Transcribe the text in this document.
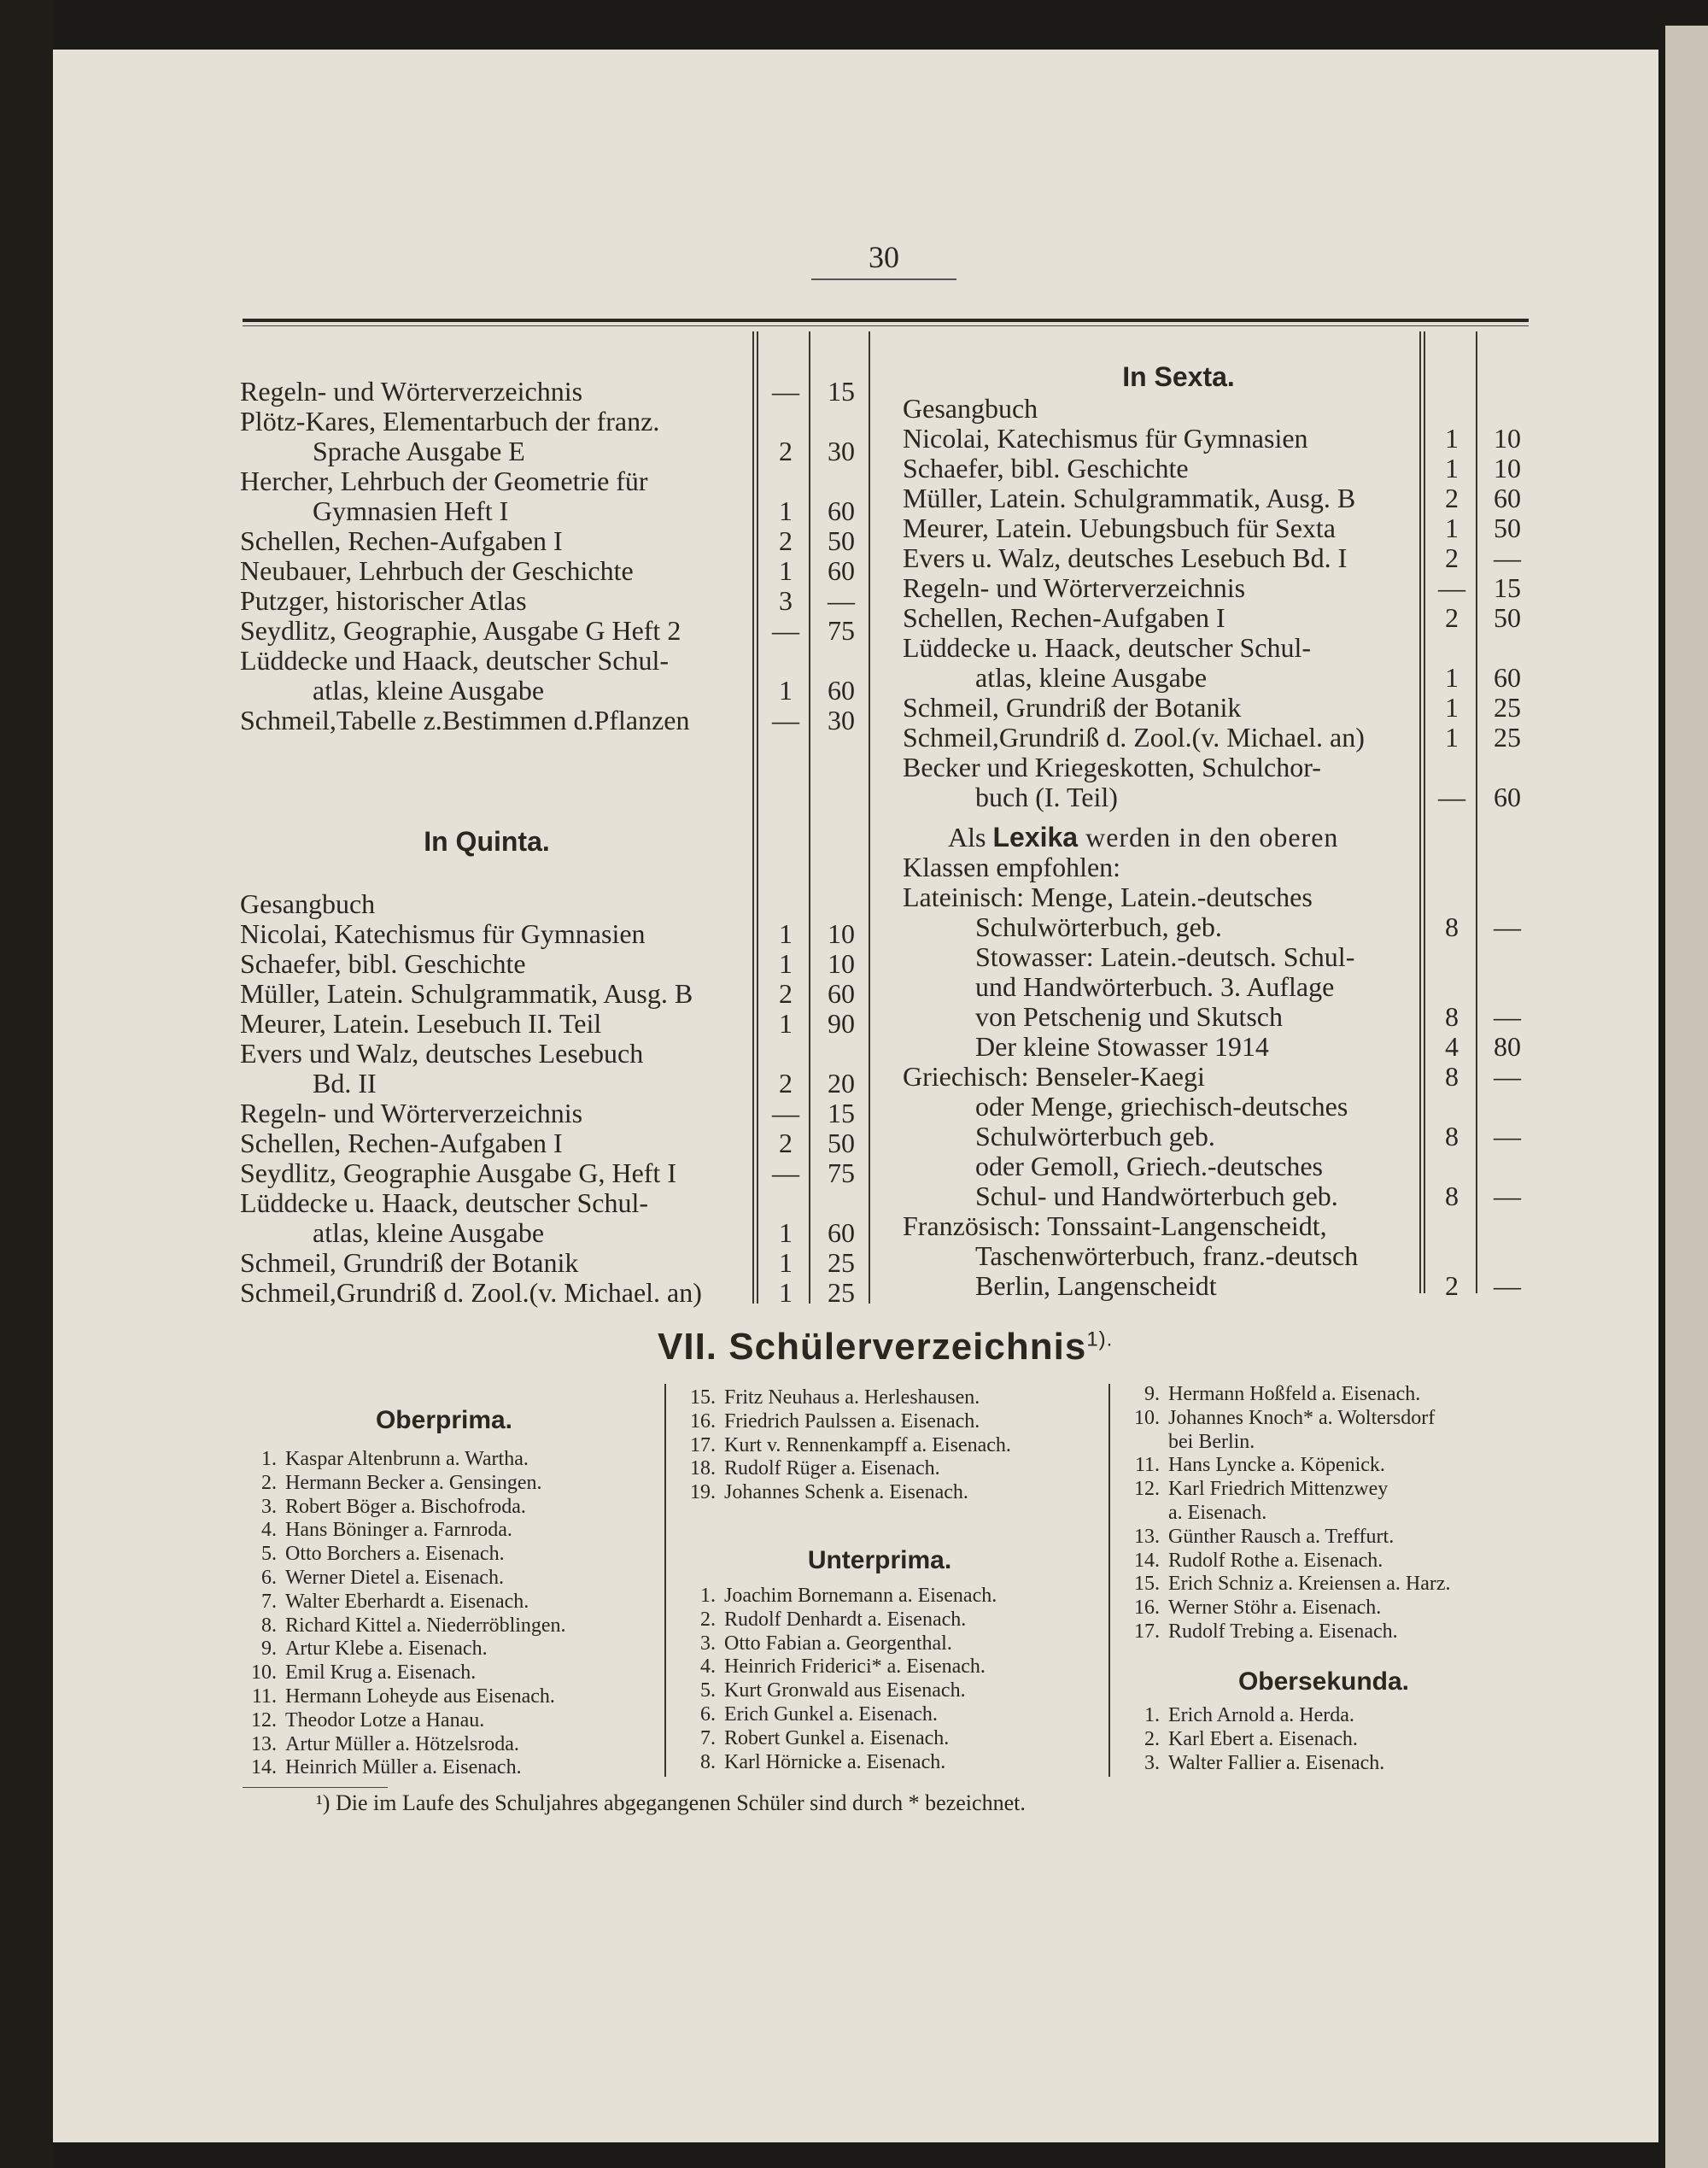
30
Regeln- und Wörterverzeichnis	—	15
Plötz-Kares, Elementarbuch der franz.
Sprache Ausgabe E	2	30
Hercher, Lehrbuch der Geometrie für
Gymnasien Heft I	1	60
Schellen, Rechen-Aufgaben I	2	50
Neubauer, Lehrbuch der Geschichte	1	60
Putzger, historischer Atlas	3	—
Seydlitz, Geographie, Ausgabe G Heft 2	—	75
Lüddecke und Haack, deutscher Schul-
atlas, kleine Ausgabe	1	60
Schmeil,Tabelle z.Bestimmen d.Pflanzen	—	30
Gesangbuch
Nicolai, Katechismus für Gymnasien	1	10
Schaefer, bibl. Geschichte	1	10
Müller, Latein. Schulgrammatik, Ausg. B	2	60
Meurer, Latein. Lesebuch II. Teil	1	90
Evers und Walz, deutsches Lesebuch
Bd. II	2	20
Regeln- und Wörterverzeichnis	—	15
Schellen, Rechen-Aufgaben I	2	50
Seydlitz, Geographie Ausgabe G, Heft I	—	75
Lüddecke u. Haack, deutscher Schul-
atlas, kleine Ausgabe	1	60
Schmeil, Grundriß der Botanik	1	25
Schmeil,Grundriß d. Zool.(v. Michael. an)	1	25
In Quinta.
In Sexta.
Gesangbuch
Nicolai, Katechismus für Gymnasien	1	10
Schaefer, bibl. Geschichte	1	10
Müller, Latein. Schulgrammatik, Ausg. B	2	60
Meurer, Latein. Uebungsbuch für Sexta	1	50
Evers u. Walz, deutsches Lesebuch Bd. I	2	—
Regeln- und Wörterverzeichnis	—	15
Schellen, Rechen-Aufgaben I	2	50
Lüddecke u. Haack, deutscher Schul-
atlas, kleine Ausgabe	1	60
Schmeil, Grundriß der Botanik	1	25
Schmeil,Grundriß d. Zool.(v. Michael. an)	1	25
Becker und Kriegeskotten, Schulchor-
buch (I. Teil)	—	60
Klassen empfohlen:
Lateinisch: Menge, Latein.-deutsches
Schulwörterbuch, geb.	8	—
Stowasser: Latein.-deutsch. Schul-
und Handwörterbuch. 3. Auflage
von Petschenig und Skutsch	8	—
Der kleine Stowasser 1914	4	80
Griechisch: Benseler-Kaegi	8	—
oder Menge, griechisch-deutsches
Schulwörterbuch geb.	8	—
oder Gemoll, Griech.-deutsches
Schul- und Handwörterbuch geb.	8	—
Französisch: Tonssaint-Langenscheidt,
Taschenwörterbuch, franz.-deutsch
Berlin, Langenscheidt	2	—
Als Lexika werden in den oberen
VII. Schülerverzeichnis$^{1).}$
Oberprima.
1. Kaspar Altenbrunn a. Wartha.
2. Hermann Becker a. Gensingen.
3. Robert Böger a. Bischofroda.
4. Hans Böninger a. Farnroda.
5. Otto Borchers a. Eisenach.
6. Werner Dietel a. Eisenach.
7. Walter Eberhardt a. Eisenach.
8. Richard Kittel a. Niederröblingen.
9. Artur Klebe a. Eisenach.
10. Emil Krug a. Eisenach.
11. Hermann Loheyde aus Eisenach.
12. Theodor Lotze a Hanau.
13. Artur Müller a. Hötzelsroda.
14. Heinrich Müller a. Eisenach.
15. Fritz Neuhaus a. Herleshausen.
16. Friedrich Paulssen a. Eisenach.
17. Kurt v. Rennenkampff a. Eisenach.
18. Rudolf Rüger a. Eisenach.
19. Johannes Schenk a. Eisenach.
Unterprima.
1. Joachim Bornemann a. Eisenach.
2. Rudolf Denhardt a. Eisenach.
3. Otto Fabian a. Georgenthal.
4. Heinrich Friderici* a. Eisenach.
5. Kurt Gronwald aus Eisenach.
6. Erich Gunkel a. Eisenach.
7. Robert Gunkel a. Eisenach.
8. Karl Hörnicke a. Eisenach.
9. Hermann Hoßfeld a. Eisenach.
10. Johannes Knoch* a. Woltersdorf
bei Berlin.
11. Hans Lyncke a. Köpenick.
12. Karl Friedrich Mittenzwey
a. Eisenach.
13. Günther Rausch a. Treffurt.
14. Rudolf Rothe a. Eisenach.
15. Erich Schniz a. Kreiensen a. Harz.
16. Werner Stöhr a. Eisenach.
17. Rudolf Trebing a. Eisenach.
Obersekunda.
1. Erich Arnold a. Herda.
2. Karl Ebert a. Eisenach.
3. Walter Fallier a. Eisenach.
¹) Die im Laufe des Schuljahres abgegangenen Schüler sind durch * bezeichnet.
